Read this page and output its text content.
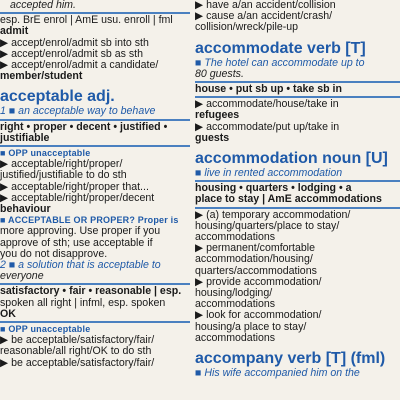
accepted him.
esp. BrE enrol | AmE usu. enroll | fml
admit
▶ accept/enrol/admit sb into sth
▶ accept/enrol/admit sb as sth
▶ accept/enrol/admit a candidate/
member/student
acceptable adj.
1 ■ an acceptable way to behave
right • proper • decent • justified •
justifiable
■ OPP unacceptable
▶ acceptable/right/proper/
justified/justifiable to do sth
▶ acceptable/right/proper that...
▶ acceptable/right/proper/decent
behaviour
■ ACCEPTABLE OR PROPER? Proper is
more approving. Use proper if you
approve of sth; use acceptable if
you do not disapprove.
2 ■ a solution that is acceptable to
everyone
satisfactory • fair • reasonable | esp.
spoken all right | infml, esp. spoken
OK
■ OPP unacceptable
▶ be acceptable/satisfactory/fair/
reasonable/all right/OK to do sth
▶ be acceptable/satisfactory/fair/
▶ have a/an accident/collision
▶ cause a/an accident/crash/
collision/wreck/pile-up
accommodate verb [T]
■ The hotel can accommodate up to
80 guests.
house • put sb up • take sb in
▶ accommodate/house/take in
refugees
▶ accommodate/put up/take in
guests
accommodation noun [U]
■ live in rented accommodation
housing • quarters • lodging • a
place to stay | AmE accommodations
▶ (a) temporary accommodation/
housing/quarters/place to stay/
accommodations
▶ permanent/comfortable
accommodation/housing/
quarters/accommodations
▶ provide accommodation/
housing/lodging/
accommodations
▶ look for accommodation/
housing/a place to stay/
accommodations
accompany verb [T] (fml)
■ His wife accompanied him on the
